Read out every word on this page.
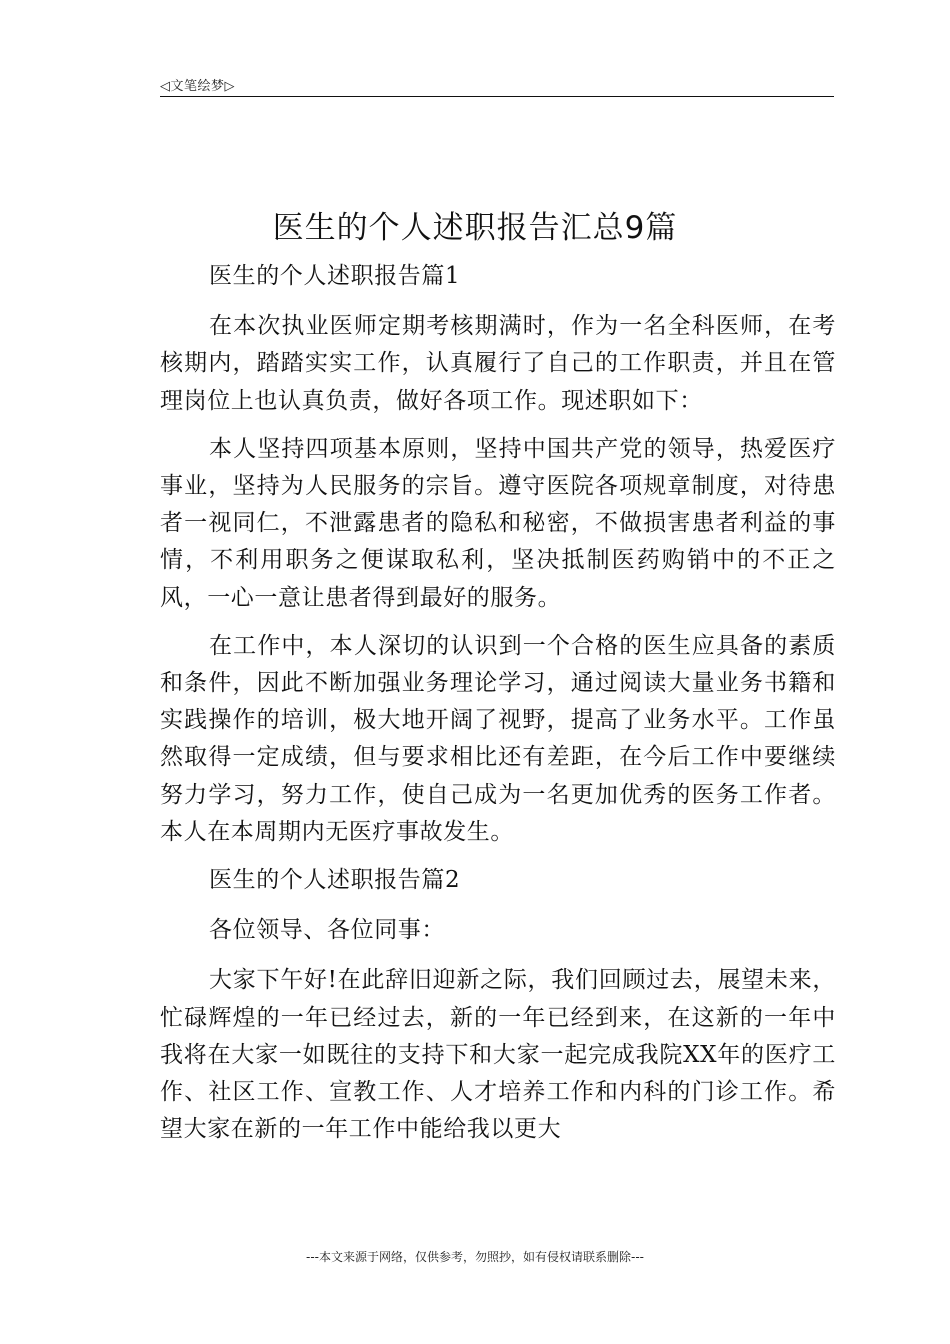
◁文笔绘梦▷
医生的个人述职报告汇总9篇

医生的个人述职报告篇1

在本次执业医师定期考核期满时，作为一名全科医师，在考核期内，踏踏实实工作，认真履行了自己的工作职责，并且在管理岗位上也认真负责，做好各项工作。现述职如下：

本人坚持四项基本原则，坚持中国共产党的领导，热爱医疗事业，坚持为人民服务的宗旨。遵守医院各项规章制度，对待患者一视同仁，不泄露患者的隐私和秘密，不做损害患者利益的事情，不利用职务之便谋取私利，坚决抵制医药购销中的不正之风，一心一意让患者得到最好的服务。

在工作中，本人深切的认识到一个合格的医生应具备的素质和条件，因此不断加强业务理论学习，通过阅读大量业务书籍和实践操作的培训，极大地开阔了视野，提高了业务水平。工作虽然取得一定成绩，但与要求相比还有差距，在今后工作中要继续努力学习，努力工作，使自己成为一名更加优秀的医务工作者。本人在本周期内无医疗事故发生。

医生的个人述职报告篇2

各位领导、各位同事：

大家下午好!在此辞旧迎新之际，我们回顾过去，展望未来，忙碌辉煌的一年已经过去，新的一年已经到来，在这新的一年中我将在大家一如既往的支持下和大家一起完成我院XX年的医疗工作、社区工作、宣教工作、人才培养工作和内科的门诊工作。希望大家在新的一年工作中能给我以更大

---本文来源于网络，仅供参考，勿照抄，如有侵权请联系删除---
